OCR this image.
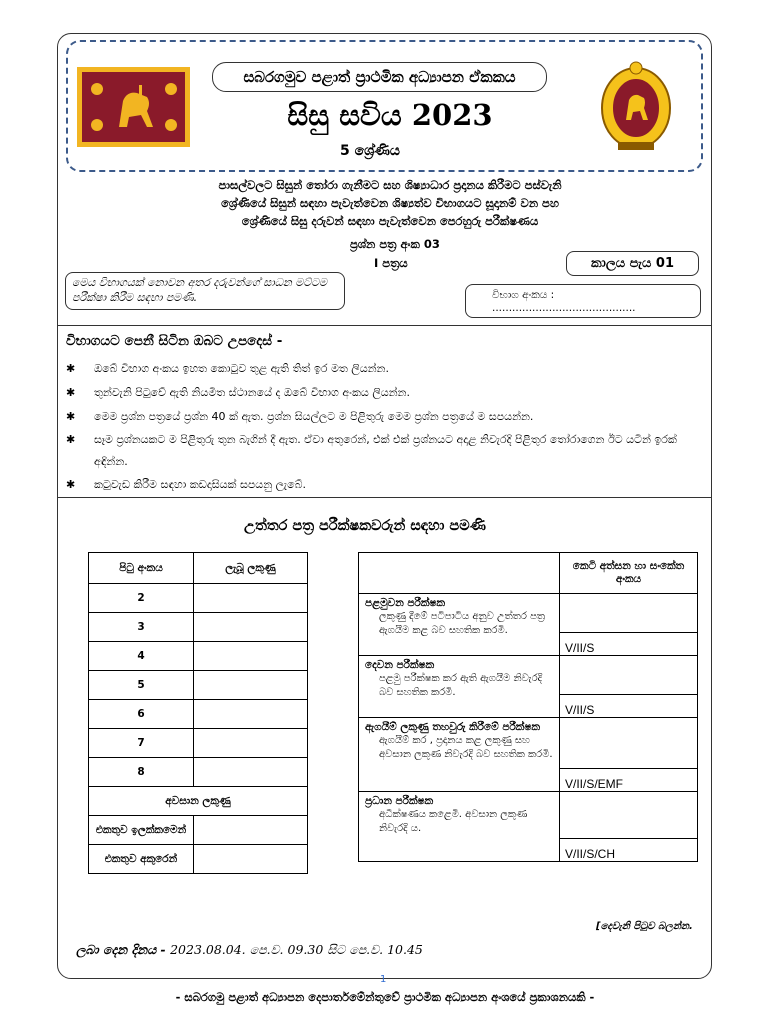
සබරගමුව පළාත් ප්‍රාථමික අධ්‍යාපන ඒකකය
සිසු සවිය 2023
5 ශ්‍රේණිය
පාසල්වලට සිසුන් තෝරා ගැනීමට සහ ශිෂ්‍යාධාර ප්‍රදානය කිරීමට පස්වැනි
ශ්‍රේණියේ සිසුන් සඳහා පැවැත්වෙන ශිෂ්‍යත්ව විභාගයට සූදානම් වන පහ
ශ්‍රේණියේ සිසු දරුවන් සඳහා පැවැත්වෙන පෙරහුරු පරීක්ෂණය
ප්‍රශ්න පත්‍ර අංක 03
I පත්‍රය	කාලය පැය 01
මෙය විභාගයක් නොවන අතර දරුවන්ගේ සාධන මට්ටම පරීක්ෂා කිරීම සඳහා පමණි.	විභාග අංකය : ...........................................
විභාගයට පෙනී සිටින ඔබට උපදෙස් -
✱ ඔබේ විභාග අංකය ඉහත කොටුව තුළ ඇති තිත් ඉර මත ලියන්න.
✱ තුන්වැනි පිටුවේ ඇති නියමිත ස්ථානයේ ද ඔබේ විභාග අංකය ලියන්න.
✱ මෙම ප්‍රශ්න පත්‍රයේ ප්‍රශ්න 40 ක් ඇත. ප්‍රශ්න සියල්ලට ම පිළිතුරු මෙම ප්‍රශ්න පත්‍රයේ ම සපයන්න.
✱ සෑම ප්‍රශ්නයකට ම පිළිතුරු තුන බැගින් දී ඇත. ඒවා අතුරෙන්, එක් එක් ප්‍රශ්නයට අදාළ නිවැරදි පිළිතුර තෝරාගෙන ඊට යටින් ඉරක් අඳින්න.
✱ කටුවැඩ කිරීම සඳහා කඩදාසියක් සපයනු ලැබේ.
උත්තර පත්‍ර පරීක්ෂකවරුන් සඳහා පමණි
පිටු අංකය	ලැබූ ලකුණු
2	
3	
4	
5	
6	
7	
8	
අවසාන ලකුණු	
එකතුව ඉලක්කමෙන්	
එකතුව අකුරෙන්	
	කෙටි අත්සන හා සංකේත අංකය

පළමුවන පරීක්ෂක
ලකුණු දීමේ පටිපාටිය අනුව උත්තර පත්‍ර ඇගයීම කළ බව සහතික කරමි.	

	V/II/S

දෙවන පරීක්ෂක
පළමු පරීක්ෂක කර ඇති ඇගයීම නිවැරදි බව සහතික කරමි.	

	V/II/S

ඇගයීම් ලකුණු තහවුරු කිරීමේ පරීක්ෂක
ඇගයීම් කර , ප්‍රදානය කළ ලකුණු සහ අවසාන ලකුණ නිවැරදි බව සහතික කරමි.	

	V/II/S/EMF

ප්‍රධාන පරීක්ෂක
අධීක්ෂණය කළෙමි. අවසාන ලකුණ නිවැරදි ය.	

	V/II/S/CH
[දෙවැනි පිටුව බලන්න.
ලබා දෙන දිනය - 2023.08.04. පෙ.ව. 09.30 සිට පෙ.ව. 10.45
1
- සබරගමු පළාත් අධ්‍යාපන දෙපාර්තමේන්තුවේ ප්‍රාථමික අධ්‍යාපන අංශයේ ප්‍රකාශනයකි -
